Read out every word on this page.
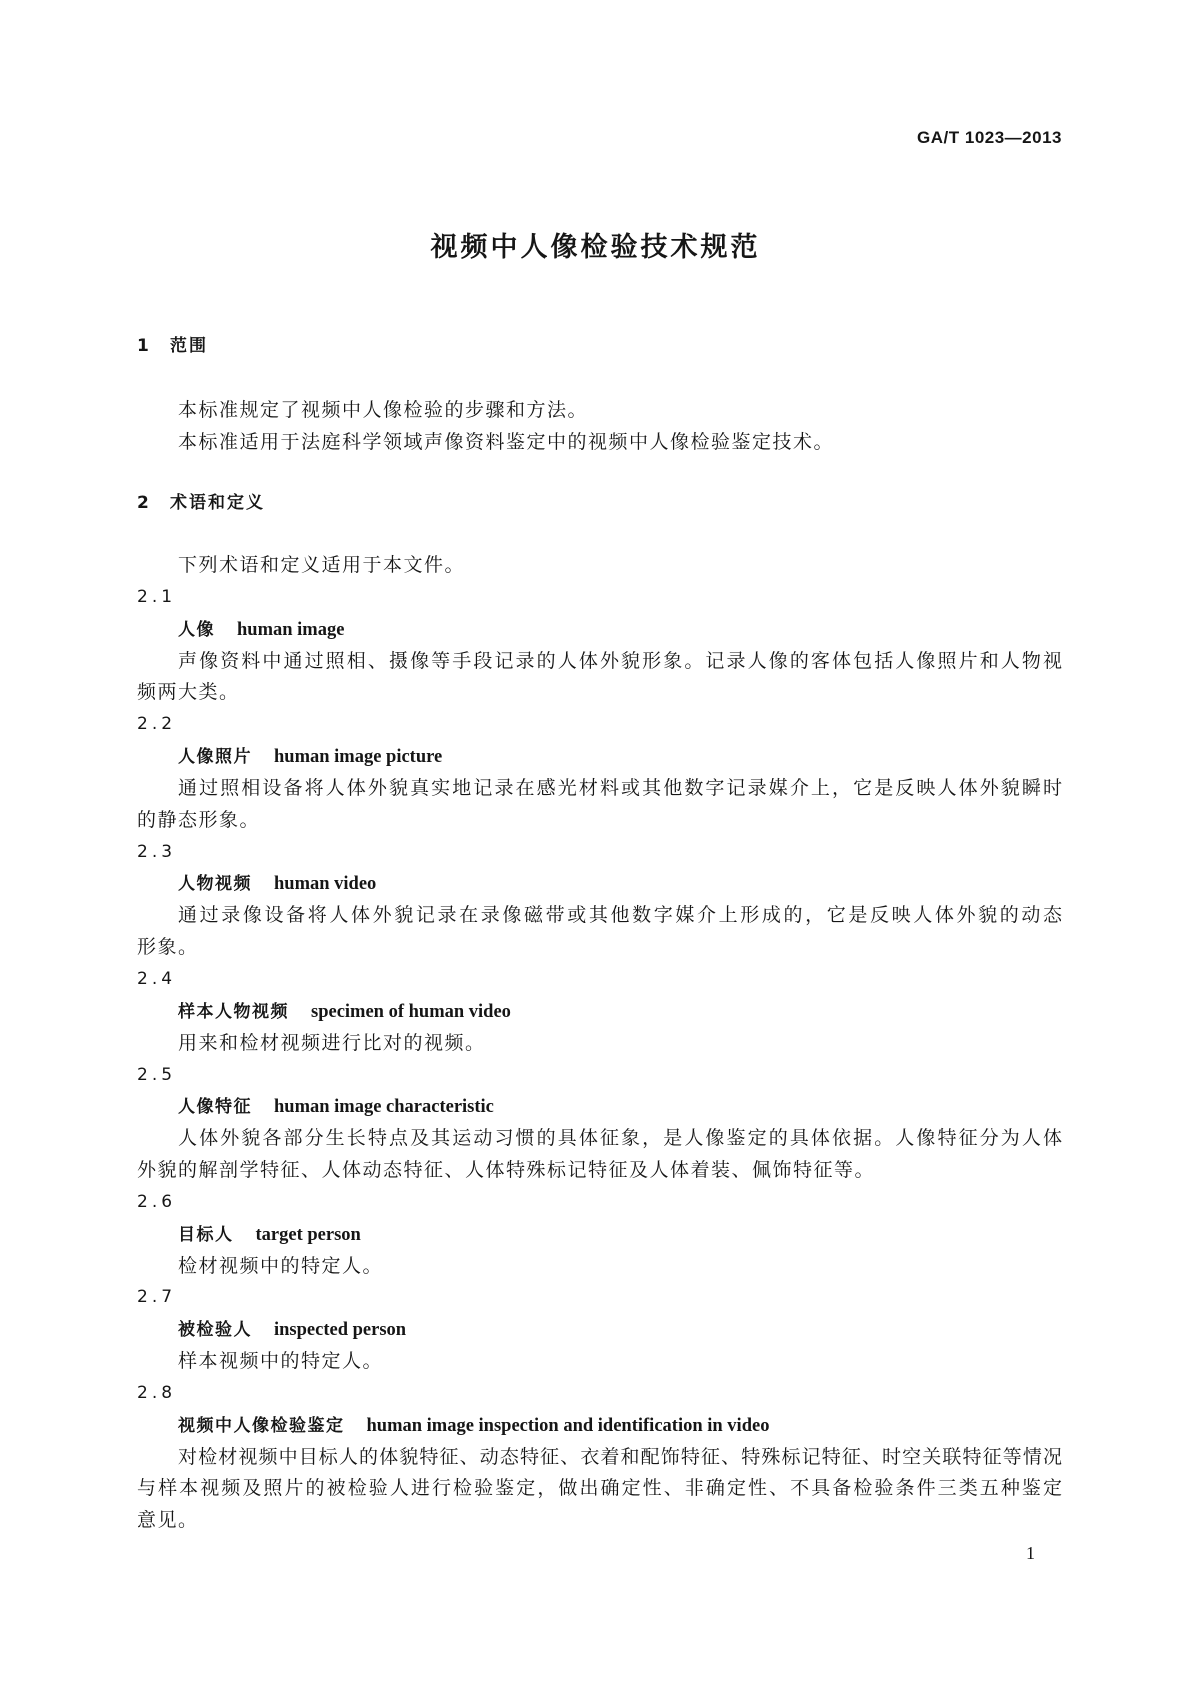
GA/T 1023—2013
视频中人像检验技术规范
1 范围
本标准规定了视频中人像检验的步骤和方法。
本标准适用于法庭科学领域声像资料鉴定中的视频中人像检验鉴定技术。
2 术语和定义
下列术语和定义适用于本文件。
2.1
人像 human image
声像资料中通过照相、摄像等手段记录的人体外貌形象。记录人像的客体包括人像照片和人物视
频两大类。
2.2
人像照片 human image picture
通过照相设备将人体外貌真实地记录在感光材料或其他数字记录媒介上，它是反映人体外貌瞬时
的静态形象。
2.3
人物视频 human video
通过录像设备将人体外貌记录在录像磁带或其他数字媒介上形成的，它是反映人体外貌的动态
形象。
2.4
样本人物视频 specimen of human video
用来和检材视频进行比对的视频。
2.5
人像特征 human image characteristic
人体外貌各部分生长特点及其运动习惯的具体征象，是人像鉴定的具体依据。人像特征分为人体
外貌的解剖学特征、人体动态特征、人体特殊标记特征及人体着装、佩饰特征等。
2.6
目标人 target person
检材视频中的特定人。
2.7
被检验人 inspected person
样本视频中的特定人。
2.8
视频中人像检验鉴定 human image inspection and identification in video
对检材视频中目标人的体貌特征、动态特征、衣着和配饰特征、特殊标记特征、时空关联特征等情况
与样本视频及照片的被检验人进行检验鉴定，做出确定性、非确定性、不具备检验条件三类五种鉴定
意见。
1
